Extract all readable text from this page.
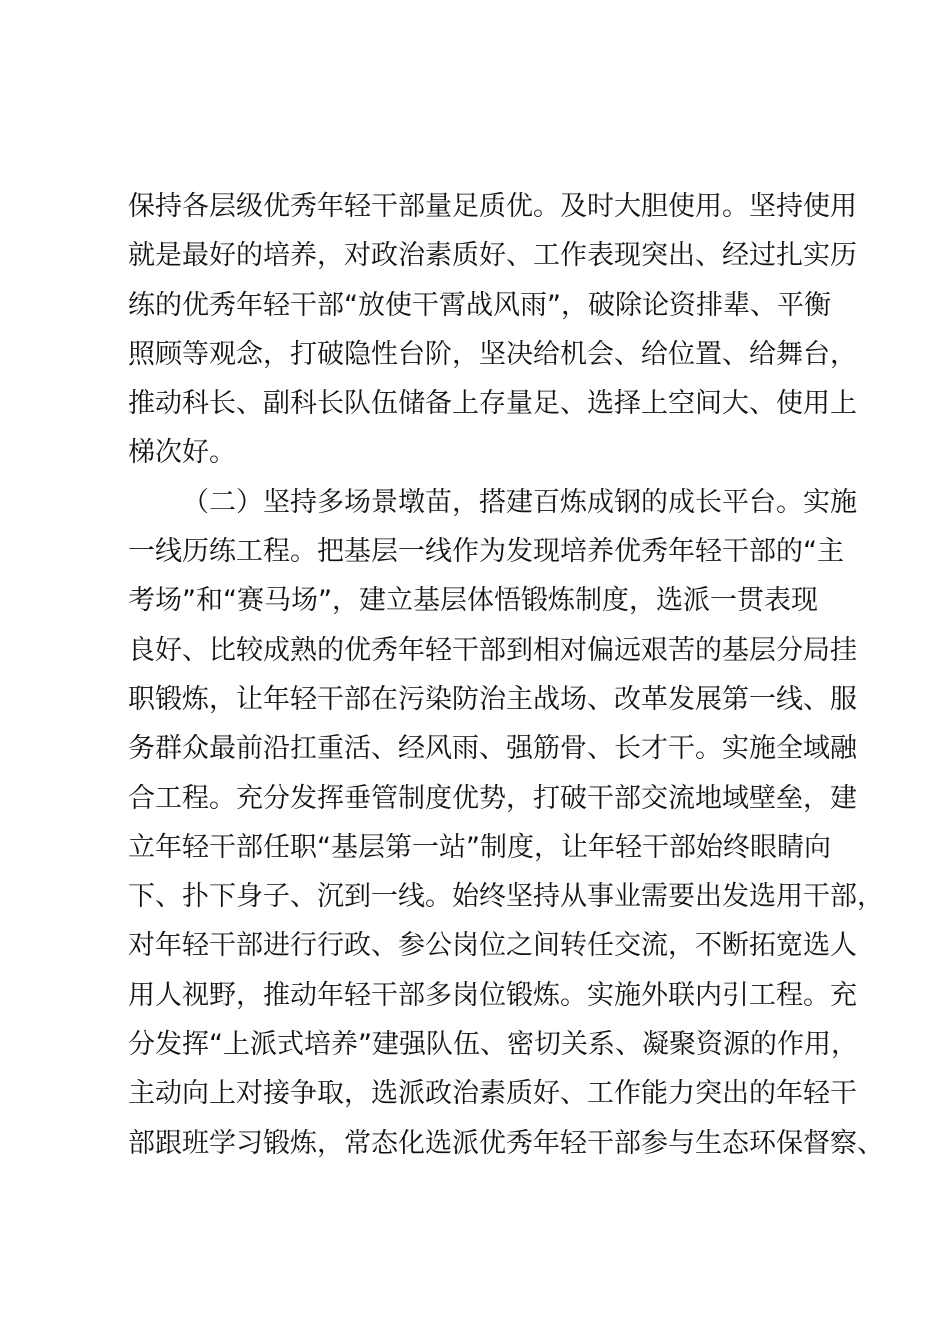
保持各层级优秀年轻干部量足质优。及时大胆使用。坚持使用
就是最好的培养，对政治素质好、工作表现突出、经过扎实历
练的优秀年轻干部“放使干霄战风雨”，破除论资排辈、平衡
照顾等观念，打破隐性台阶，坚决给机会、给位置、给舞台，
推动科长、副科长队伍储备上存量足、选择上空间大、使用上
梯次好。
（二）坚持多场景墩苗，搭建百炼成钢的成长平台。实施
一线历练工程。把基层一线作为发现培养优秀年轻干部的“主
考场”和“赛马场”，建立基层体悟锻炼制度，选派一贯表现
良好、比较成熟的优秀年轻干部到相对偏远艰苦的基层分局挂
职锻炼，让年轻干部在污染防治主战场、改革发展第一线、服
务群众最前沿扛重活、经风雨、强筋骨、长才干。实施全域融
合工程。充分发挥垂管制度优势，打破干部交流地域壁垒，建
立年轻干部任职“基层第一站”制度，让年轻干部始终眼睛向
下、扑下身子、沉到一线。始终坚持从事业需要出发选用干部，
对年轻干部进行行政、参公岗位之间转任交流，不断拓宽选人
用人视野，推动年轻干部多岗位锻炼。实施外联内引工程。充
分发挥“上派式培养”建强队伍、密切关系、凝聚资源的作用，
主动向上对接争取，选派政治素质好、工作能力突出的年轻干
部跟班学习锻炼，常态化选派优秀年轻干部参与生态环保督察、
